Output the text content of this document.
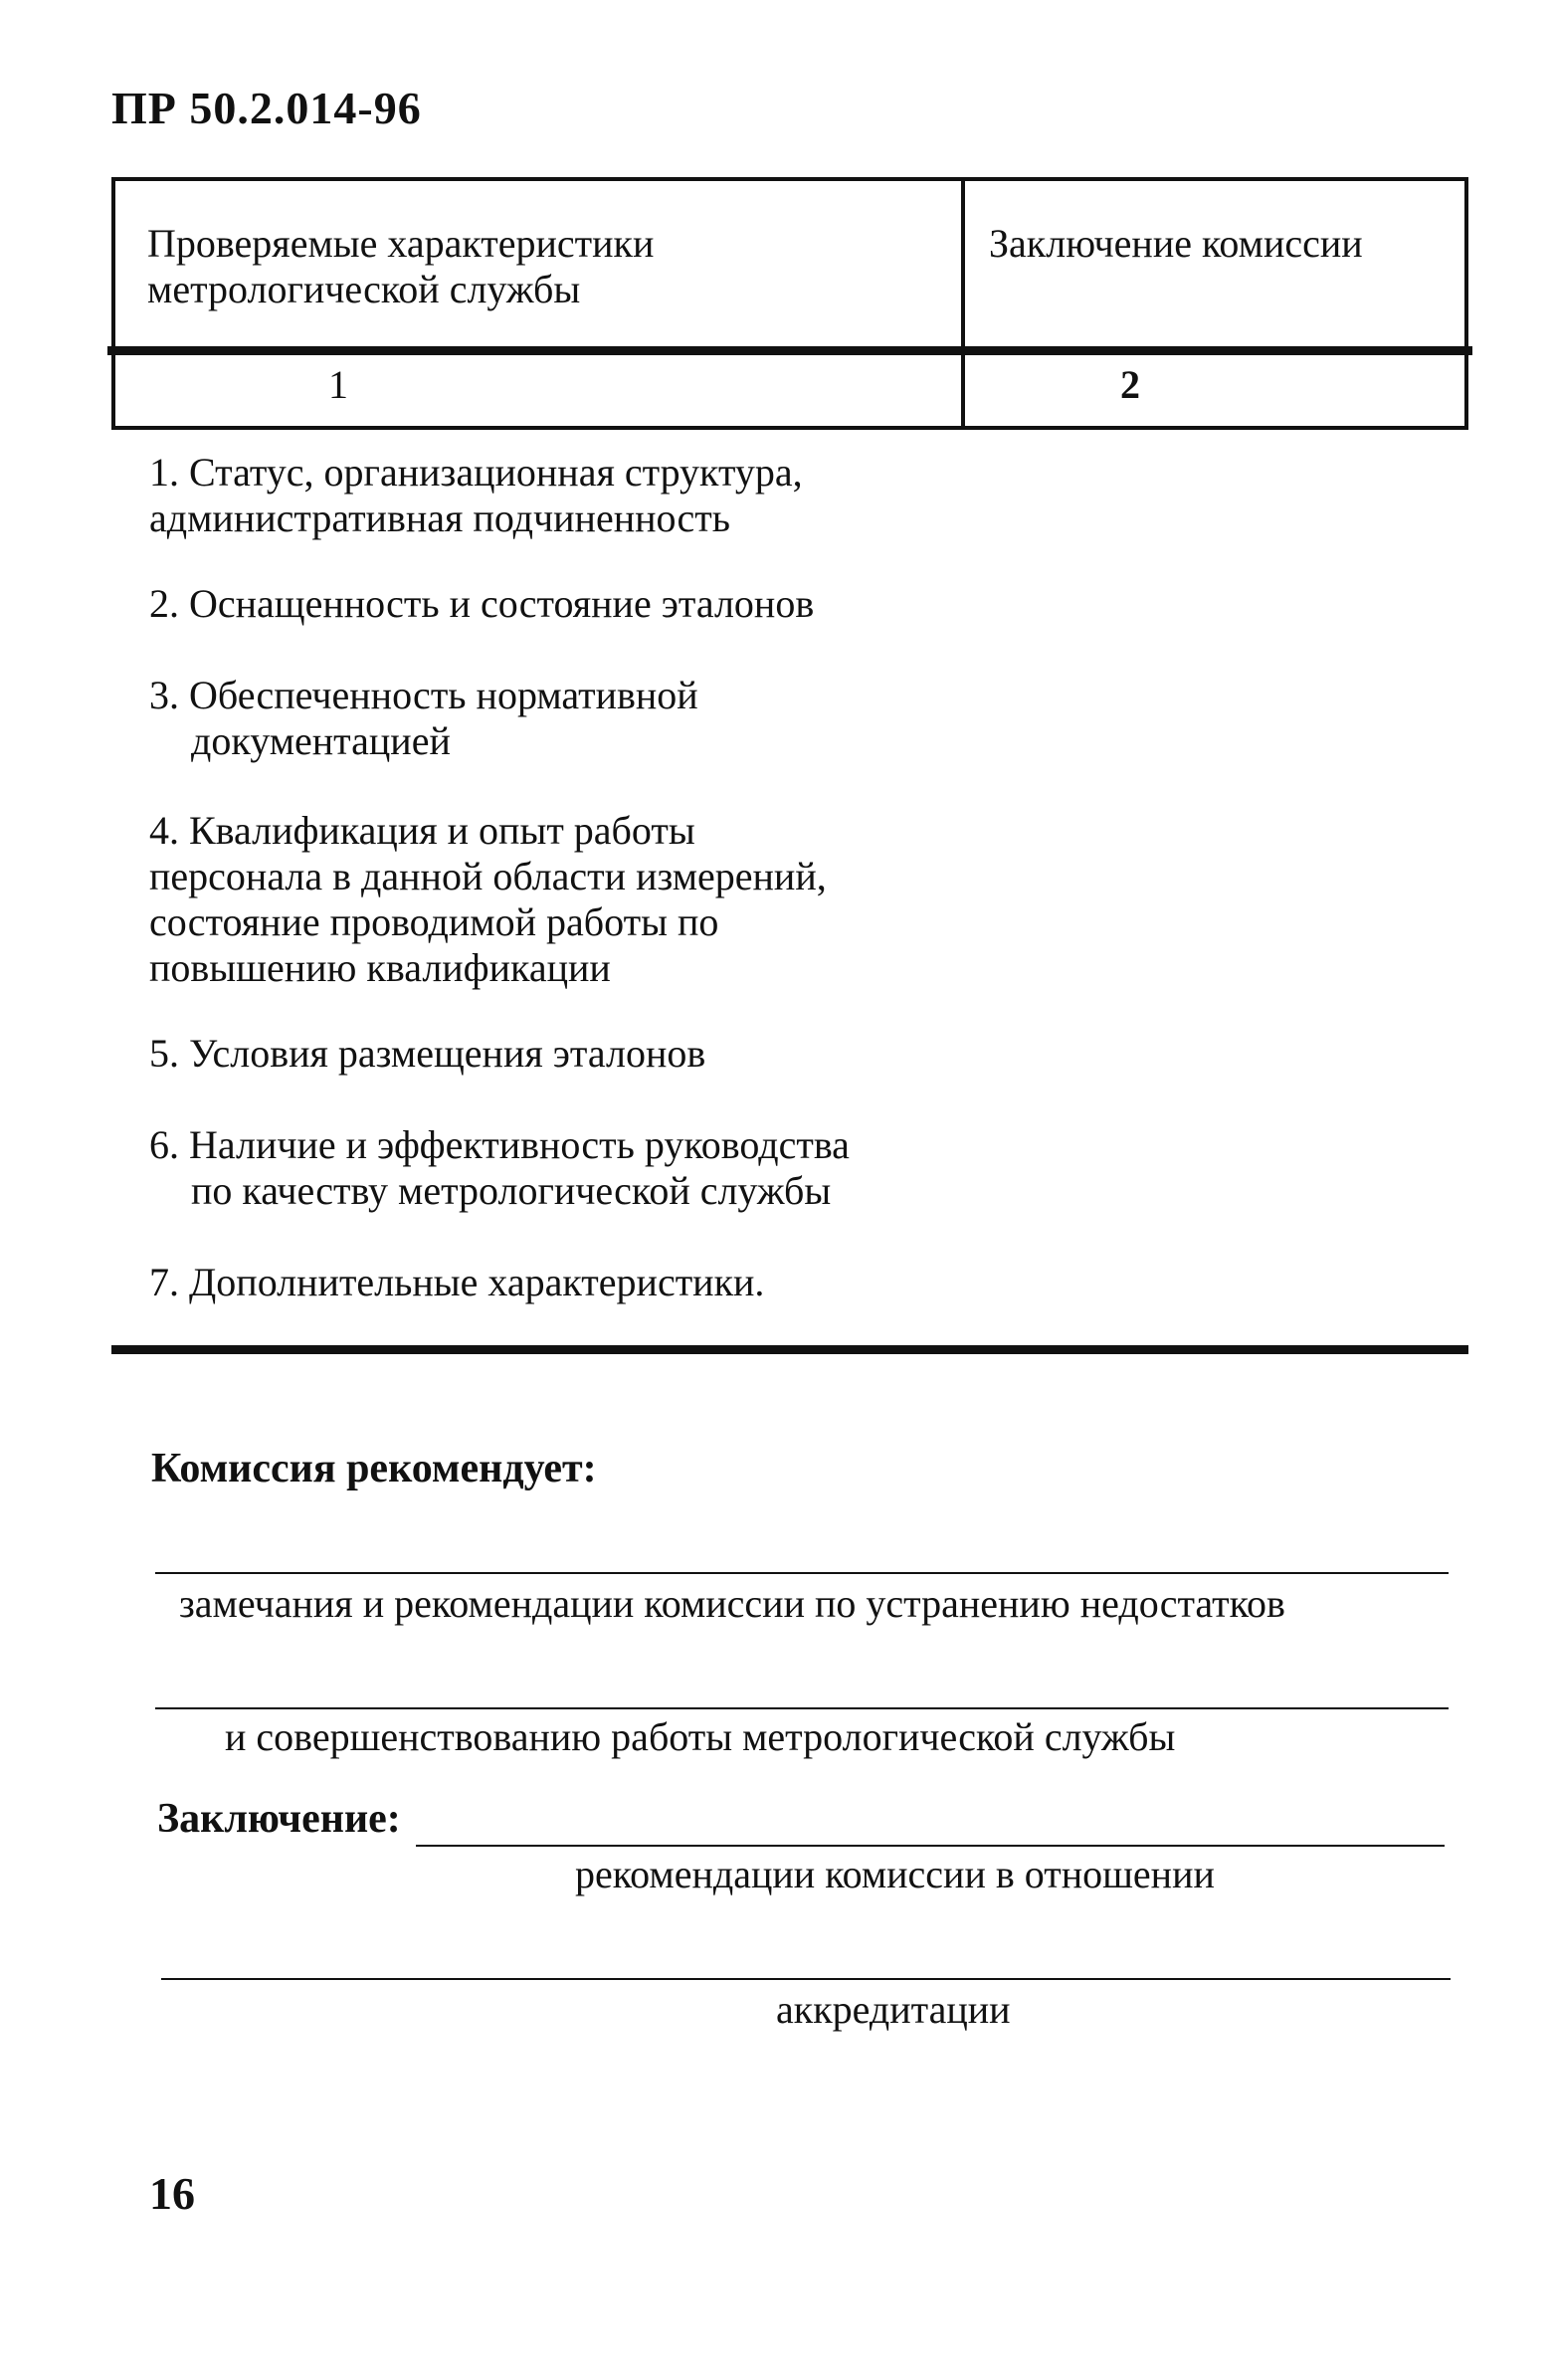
ПР 50.2.014-96
Проверяемые характеристики
метрологической службы
Заключение комиссии
1	2
1. Статус, организационная структура,
административная подчиненность
2. Оснащенность и состояние эталонов
3. Обеспеченность нормативной
документацией
4. Квалификация и опыт работы
персонала в данной области измерений,
состояние проводимой работы по
повышению квалификации
5. Условия размещения эталонов
6. Наличие и эффективность руководства
по качеству метрологической службы
7. Дополнительные характеристики.
Комиссия рекомендует:
замечания и рекомендации комиссии по устранению недостатков
и совершенствованию работы метрологической службы
Заключение:
рекомендации комиссии в отношении
аккредитации
16
